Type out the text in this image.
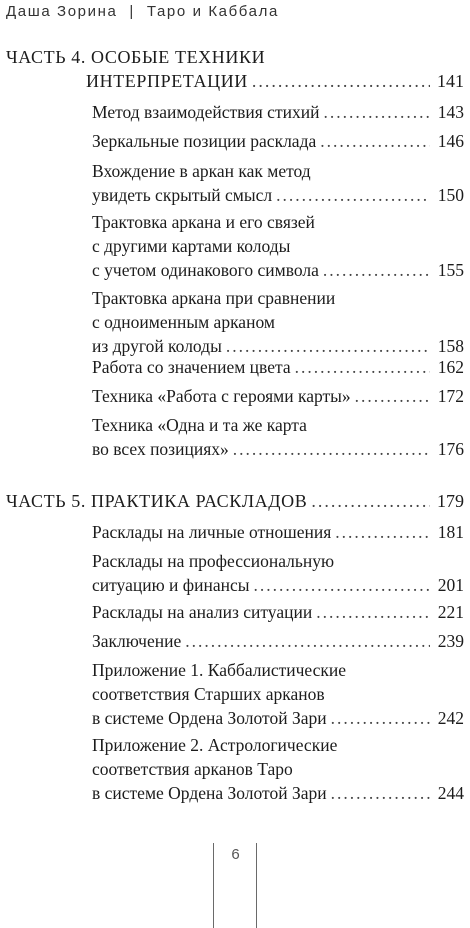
Даша Зорина | Таро и Каббала
ЧАСТЬ 4. ОСОБЫЕ ТЕХНИКИ
ИНТЕРПРЕТАЦИИ .....	141
Метод взаимодействия стихий .....	143
Зеркальные позиции расклада .....	146
Вхождение в аркан как метод
увидеть скрытый смысл .....	150
Трактовка аркана и его связей
с другими картами колоды
с учетом одинакового символа .....	155
Трактовка аркана при сравнении
с одноименным арканом
из другой колоды .....	158
Работа со значением цвета .....	162
Техника «Работа с героями карты» .....	172
Техника «Одна и та же карта
во всех позициях» .....	176
ЧАСТЬ 5. ПРАКТИКА РАСКЛАДОВ .....	179
Расклады на личные отношения .....	181
Расклады на профессиональную
ситуацию и финансы .....	201
Расклады на анализ ситуации .....	221
Заключение .....	239
Приложение 1. Каббалистические
соответствия Старших арканов
в системе Ордена Золотой Зари .....	242
Приложение 2. Астрологические
соответствия арканов Таро
в системе Ордена Золотой Зари .....	244
6
